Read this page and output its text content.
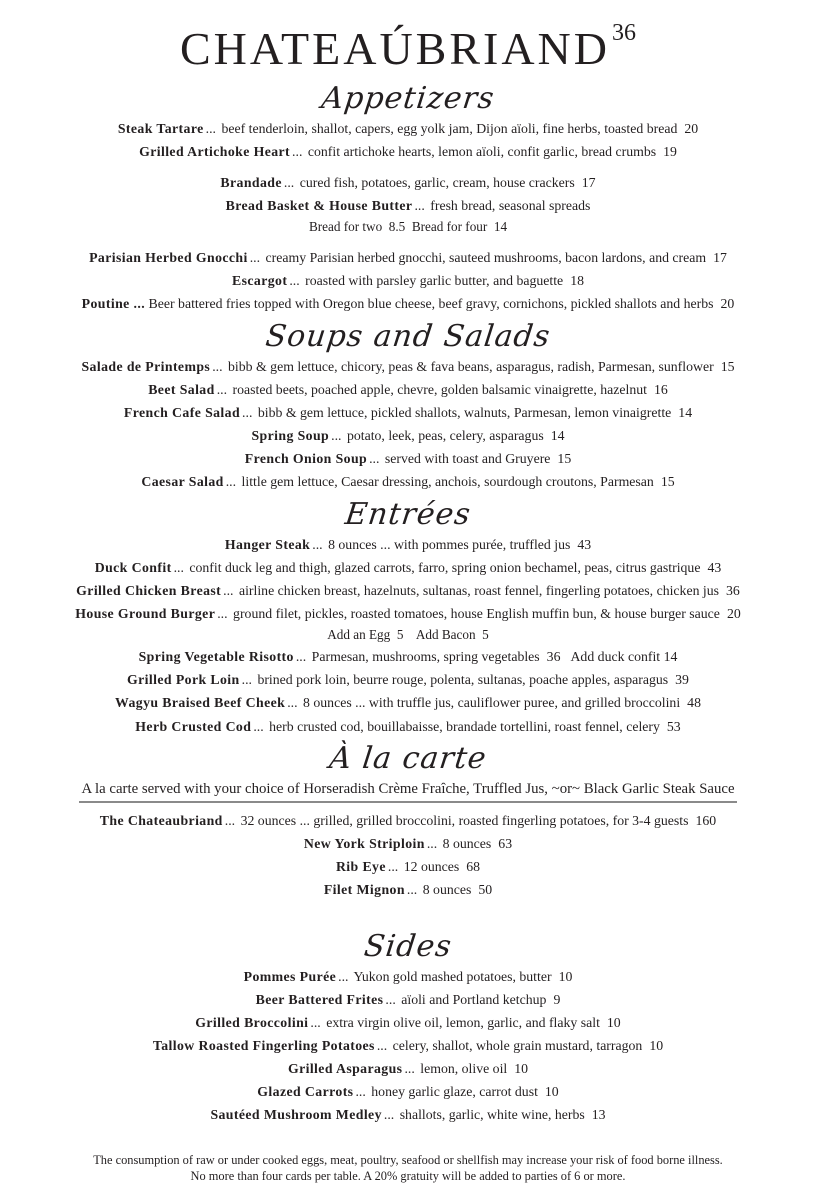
CHATEAÚBRIAND$^{36}$
Appetizers

Steak Tartare ... beef tenderloin, shallot, capers, egg yolk jam, Dijon aïoli, fine herbs, toasted bread 20

Grilled Artichoke Heart ... confit artichoke hearts, lemon aïoli, confit garlic, bread crumbs 19

Brandade ... cured fish, potatoes, garlic, cream, house crackers 17

Bread Basket & House Butter ... fresh bread, seasonal spreads

Bread for two  8.5  Bread for four  14

Parisian Herbed Gnocchi ... creamy Parisian herbed gnocchi, sauteed mushrooms, bacon lardons, and cream 17

Escargot ... roasted with parsley garlic butter, and baguette 18

Poutine ... Beer battered fries topped with Oregon blue cheese, beef gravy, cornichons, pickled shallots and herbs 20

Soups and Salads

Salade de Printemps ... bibb & gem lettuce, chicory, peas & fava beans, asparagus, radish, Parmesan, sunflower 15

Beet Salad ... roasted beets, poached apple, chevre, golden balsamic vinaigrette, hazelnut 16

French Cafe Salad ... bibb & gem lettuce, pickled shallots, walnuts, Parmesan, lemon vinaigrette 14

Spring Soup ... potato, leek, peas, celery, asparagus 14

French Onion Soup ... served with toast and Gruyere 15

Caesar Salad ... little gem lettuce, Caesar dressing, anchois, sourdough croutons, Parmesan 15

Entrées

Hanger Steak ... 8 ounces ... with pommes purée, truffled jus 43

Duck Confit ... confit duck leg and thigh, glazed carrots, farro, spring onion bechamel, peas, citrus gastrique 43

Grilled Chicken Breast ... airline chicken breast, hazelnuts, sultanas, roast fennel, fingerling potatoes, chicken jus 36

House Ground Burger ... ground filet, pickles, roasted tomatoes, house English muffin bun, & house burger sauce 20

Add an Egg  5    Add Bacon  5

Spring Vegetable Risotto ... Parmesan, mushrooms, spring vegetables 36 Add duck confit 14

Grilled Pork Loin ... brined pork loin, beurre rouge, polenta, sultanas, poache apples, asparagus 39

Wagyu Braised Beef Cheek ... 8 ounces ... with truffle jus, cauliflower puree, and grilled broccolini 48

Herb Crusted Cod ... herb crusted cod, bouillabaisse, brandade tortellini, roast fennel, celery 53

À la carte
A la carte served with your choice of Horseradish Crème Fraîche, Truffled Jus, ~or~ Black Garlic Steak Sauce

The Chateaubriand ... 32 ounces ... grilled, grilled broccolini, roasted fingerling potatoes, for 3-4 guests 160

New York Striploin ... 8 ounces 63

Rib Eye ... 12 ounces 68

Filet Mignon ... 8 ounces 50

Sides

Pommes Purée ... Yukon gold mashed potatoes, butter 10

Beer Battered Frites ... aïoli and Portland ketchup 9

Grilled Broccolini ... extra virgin olive oil, lemon, garlic, and flaky salt 10

Tallow Roasted Fingerling Potatoes ... celery, shallot, whole grain mustard, tarragon 10

Grilled Asparagus ... lemon, olive oil 10

Glazed Carrots ... honey garlic glaze, carrot dust 10

Sautéed Mushroom Medley ... shallots, garlic, white wine, herbs 13

The consumption of raw or under cooked eggs, meat, poultry, seafood or shellfish may increase your risk of food borne illness.

No more than four cards per table. A 20% gratuity will be added to parties of 6 or more.
